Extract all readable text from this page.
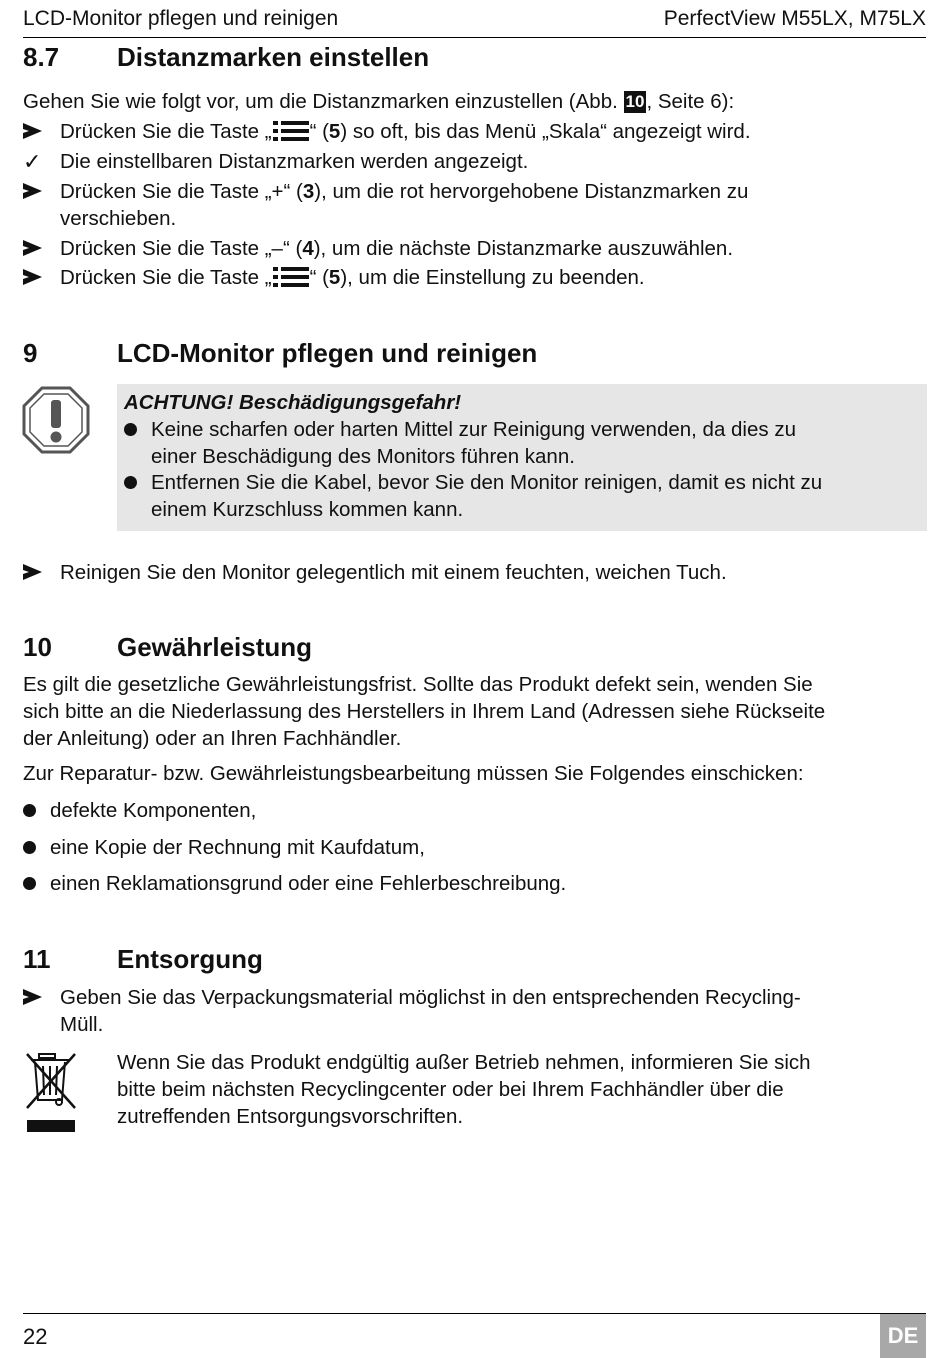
LCD-Monitor pflegen und reinigen	PerfectView M55LX, M75LX
8.7 Distanzmarken einstellen
Gehen Sie wie folgt vor, um die Distanzmarken einzustellen (Abb. 10, Seite 6):
Drücken Sie die Taste „ “ (5) so oft, bis das Menü „Skala“ angezeigt wird.
✓ Die einstellbaren Distanzmarken werden angezeigt.
Drücken Sie die Taste „+“ (3), um die rot hervorgehobene Distanzmarken zu
verschieben.
Drücken Sie die Taste „–“ (4), um die nächste Distanzmarke auszuwählen.
Drücken Sie die Taste „ “ (5), um die Einstellung zu beenden.
9	LCD-Monitor pflegen und reinigen
ACHTUNG! Beschädigungsgefahr!
Keine scharfen oder harten Mittel zur Reinigung verwenden, da dies zu
einer Beschädigung des Monitors führen kann.
Entfernen Sie die Kabel, bevor Sie den Monitor reinigen, damit es nicht zu
einem Kurzschluss kommen kann.
Reinigen Sie den Monitor gelegentlich mit einem feuchten, weichen Tuch.
10	Gewährleistung
Es gilt die gesetzliche Gewährleistungsfrist. Sollte das Produkt defekt sein, wenden Sie
sich bitte an die Niederlassung des Herstellers in Ihrem Land (Adressen siehe Rückseite
der Anleitung) oder an Ihren Fachhändler.
Zur Reparatur- bzw. Gewährleistungsbearbeitung müssen Sie Folgendes einschicken:
defekte Komponenten,
eine Kopie der Rechnung mit Kaufdatum,
einen Reklamationsgrund oder eine Fehlerbeschreibung.
11	Entsorgung
Geben Sie das Verpackungsmaterial möglichst in den entsprechenden Recycling-
Müll.
Wenn Sie das Produkt endgültig außer Betrieb nehmen, informieren Sie sich
bitte beim nächsten Recyclingcenter oder bei Ihrem Fachhändler über die
zutreffenden Entsorgungsvorschriften.
22	DE
